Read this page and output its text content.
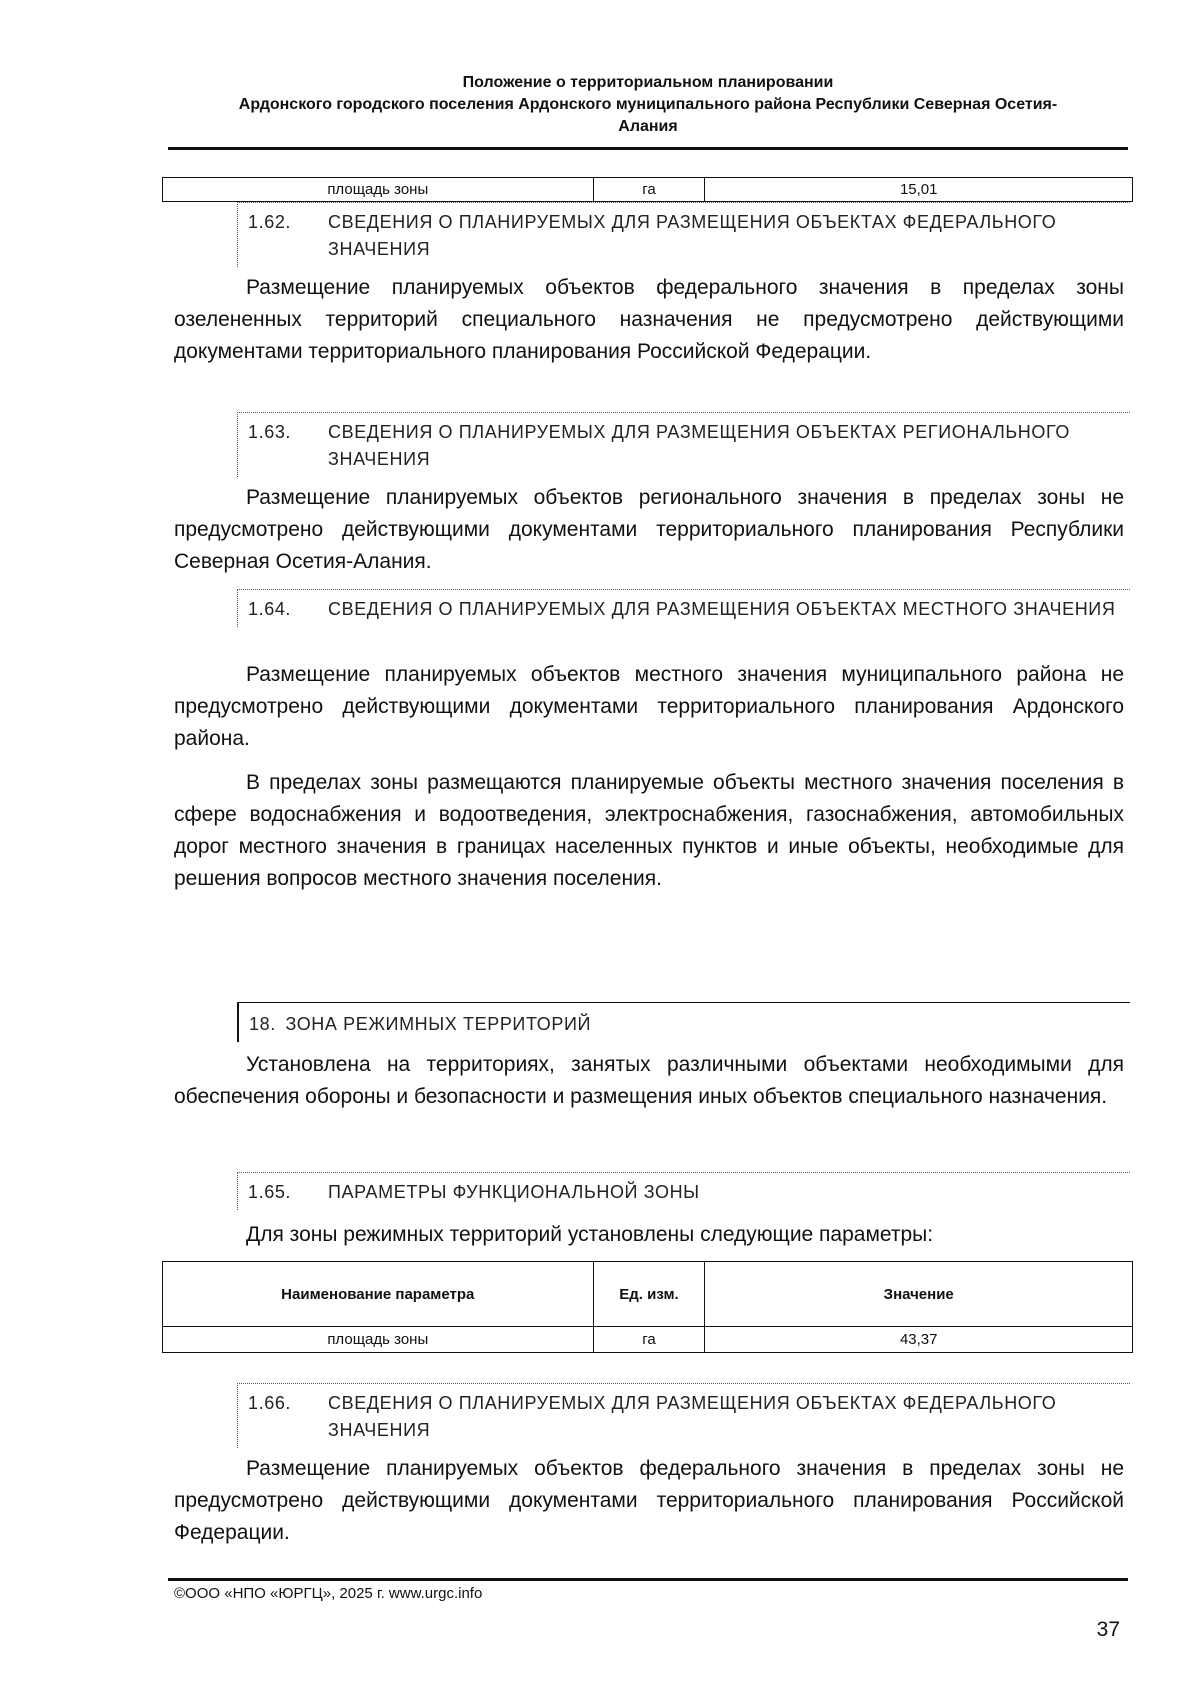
Положение о территориальном планировании
Ардонского городского поселения Ардонского муниципального района Республики Северная Осетия-
Алания
площадь зоны	га	15,01
1.62. СВЕДЕНИЯ О ПЛАНИРУЕМЫХ ДЛЯ РАЗМЕЩЕНИЯ ОБЪЕКТАХ ФЕДЕРАЛЬНОГО ЗНАЧЕНИЯ

Размещение планируемых объектов федерального значения в пределах зоны озелененных территорий специального назначения не предусмотрено действующими документами территориального планирования Российской Федерации.

1.63. СВЕДЕНИЯ О ПЛАНИРУЕМЫХ ДЛЯ РАЗМЕЩЕНИЯ ОБЪЕКТАХ РЕГИОНАЛЬНОГО ЗНАЧЕНИЯ

Размещение планируемых объектов регионального значения в пределах зоны не предусмотрено действующими документами территориального планирования Республики Северная Осетия-Алания.

1.64. СВЕДЕНИЯ О ПЛАНИРУЕМЫХ ДЛЯ РАЗМЕЩЕНИЯ ОБЪЕКТАХ МЕСТНОГО ЗНАЧЕНИЯ

Размещение планируемых объектов местного значения муниципального района не предусмотрено действующими документами территориального планирования Ардонского района.

В пределах зоны размещаются планируемые объекты местного значения поселения в сфере водоснабжения и водоотведения, электроснабжения, газоснабжения, автомобильных дорог местного значения в границах населенных пунктов и иные объекты, необходимые для решения вопросов местного значения поселения.

18. ЗОНА РЕЖИМНЫХ ТЕРРИТОРИЙ

Установлена на территориях, занятых различными объектами необходимыми для обеспечения обороны и безопасности и размещения иных объектов специального назначения.

1.65. ПАРАМЕТРЫ ФУНКЦИОНАЛЬНОЙ ЗОНЫ

Для зоны режимных территорий установлены следующие параметры:

Наименование параметра	Ед. изм.	Значение
площадь зоны	га	43,37
1.66. СВЕДЕНИЯ О ПЛАНИРУЕМЫХ ДЛЯ РАЗМЕЩЕНИЯ ОБЪЕКТАХ ФЕДЕРАЛЬНОГО ЗНАЧЕНИЯ

Размещение планируемых объектов федерального значения в пределах зоны не предусмотрено действующими документами территориального планирования Российской Федерации.

©ООО «НПО «ЮРГЦ», 2025 г. www.urgc.info
37
